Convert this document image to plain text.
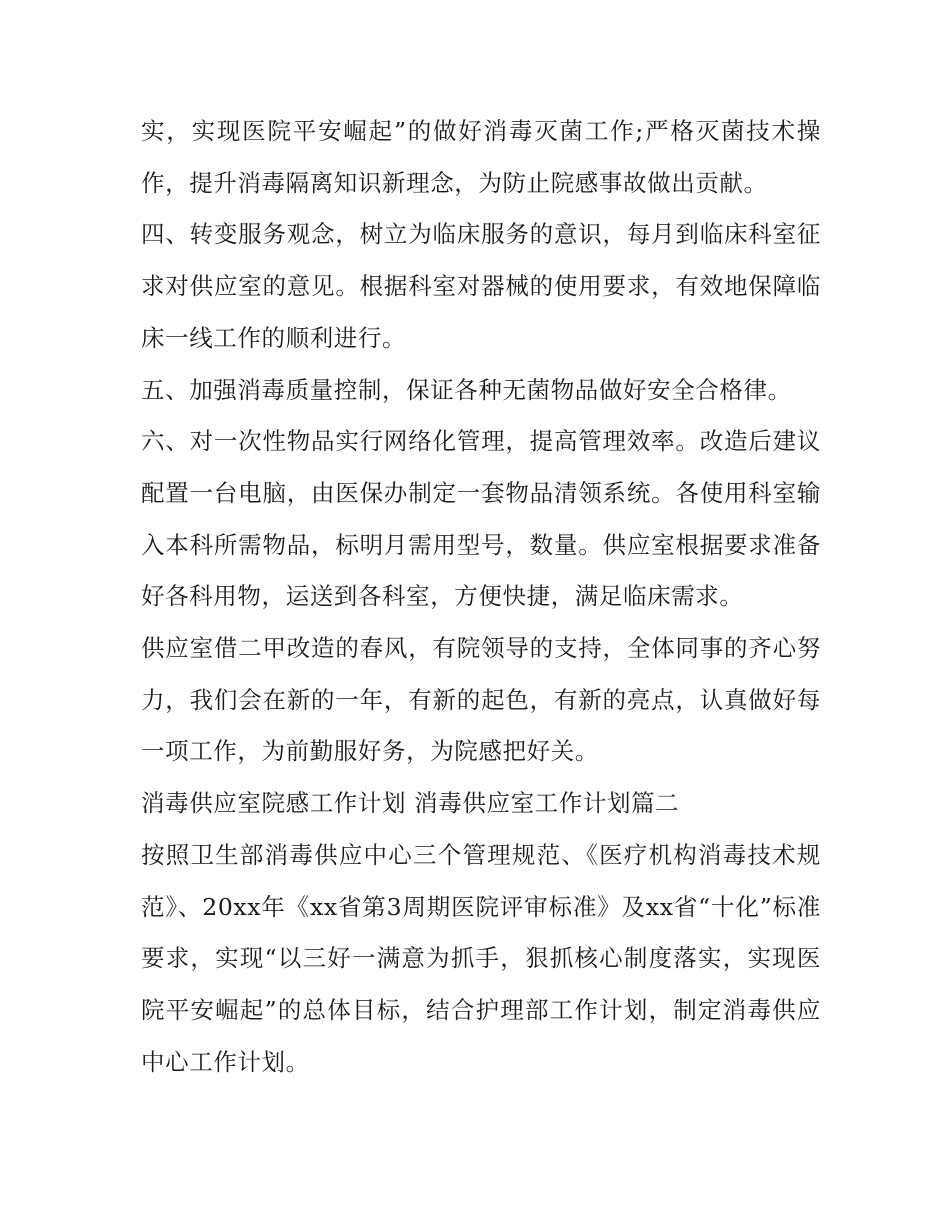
实，实现医院平安崛起”的做好消毒灭菌工作;严格灭菌技术操作，提升消毒隔离知识新理念，为防止院感事故做出贡献。

四、转变服务观念，树立为临床服务的意识，每月到临床科室征求对供应室的意见。根据科室对器械的使用要求，有效地保障临床一线工作的顺利进行。

五、加强消毒质量控制，保证各种无菌物品做好安全合格律。

六、对一次性物品实行网络化管理，提高管理效率。改造后建议配置一台电脑，由医保办制定一套物品清领系统。各使用科室输入本科所需物品，标明月需用型号，数量。供应室根据要求准备好各科用物，运送到各科室，方便快捷，满足临床需求。

供应室借二甲改造的春风，有院领导的支持，全体同事的齐心努力，我们会在新的一年，有新的起色，有新的亮点，认真做好每一项工作，为前勤服好务，为院感把好关。

消毒供应室院感工作计划 消毒供应室工作计划篇二

按照卫生部消毒供应中心三个管理规范、《医疗机构消毒技术规范》、20xx年《xx省第3周期医院评审标准》及xx省“十化”标准要求，实现“以三好一满意为抓手，狠抓核心制度落实，实现医院平安崛起”的总体目标，结合护理部工作计划，制定消毒供应中心工作计划。
